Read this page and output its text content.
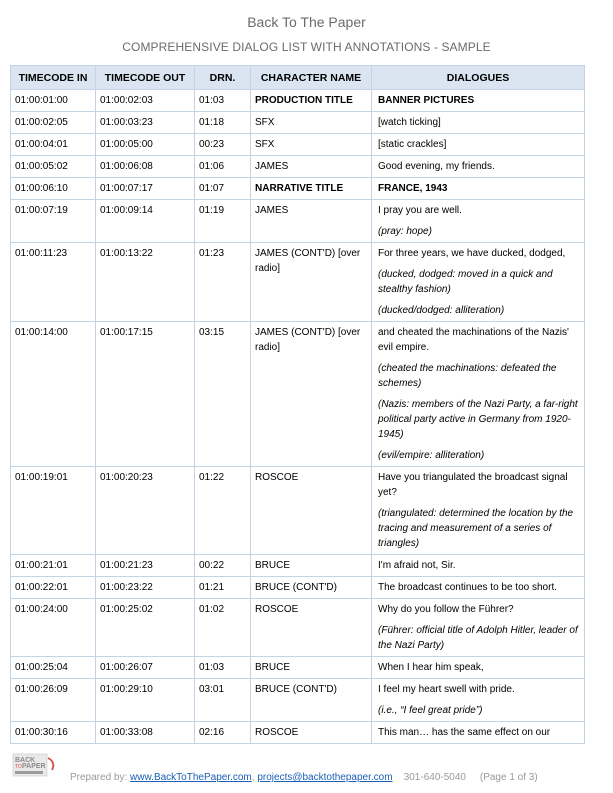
Back To The Paper
COMPREHENSIVE DIALOG LIST WITH ANNOTATIONS - SAMPLE
TIMECODE IN	TIMECODE OUT	DRN.	CHARACTER NAME	DIALOGUES
01:00:01:00	01:00:02:03	01:03	PRODUCTION TITLE	BANNER PICTURES
01:00:02:05	01:00:03:23	01:18	SFX	[watch ticking]
01:00:04:01	01:00:05:00	00:23	SFX	[static crackles]
01:00:05:02	01:00:06:08	01:06	JAMES	Good evening, my friends.
01:00:06:10	01:00:07:17	01:07	NARRATIVE TITLE	FRANCE, 1943
01:00:07:19	01:00:09:14	01:19	JAMES	I pray you are well.
(pray: hope)

01:00:11:23	01:00:13:22	01:23	JAMES (CONT'D) [over radio]	For three years, we have ducked, dodged,
(ducked, dodged: moved in a quick and stealthy fashion)
(ducked/dodged: alliteration)

01:00:14:00	01:00:17:15	03:15	JAMES (CONT'D) [over radio]	and cheated the machinations of the Nazis' evil empire.
(cheated the machinations: defeated the schemes)
(Nazis: members of the Nazi Party, a far-right political party active in Germany from 1920-1945)
(evil/empire: alliteration)

01:00:19:01	01:00:20:23	01:22	ROSCOE	Have you triangulated the broadcast signal yet?
(triangulated: determined the location by the tracing and measurement of a series of triangles)

01:00:21:01	01:00:21:23	00:22	BRUCE	I'm afraid not, Sir.
01:00:22:01	01:00:23:22	01:21	BRUCE (CONT'D)	The broadcast continues to be too short.
01:00:24:00	01:00:25:02	01:02	ROSCOE	Why do you follow the Führer?
(Führer: official title of Adolph Hitler, leader of the Nazi Party)

01:00:25:04	01:00:26:07	01:03	BRUCE	When I hear him speak,
01:00:26:09	01:00:29:10	03:01	BRUCE (CONT'D)	I feel my heart swell with pride.
(i.e., “I feel great pride”)

01:00:30:16	01:00:33:08	02:16	ROSCOE	This man… has the same effect on our
BACK
TO PAPER
Prepared by: www.BackToThePaper.com, projects@backtothepaper.com 301-640-5040 (Page 1 of 3)
